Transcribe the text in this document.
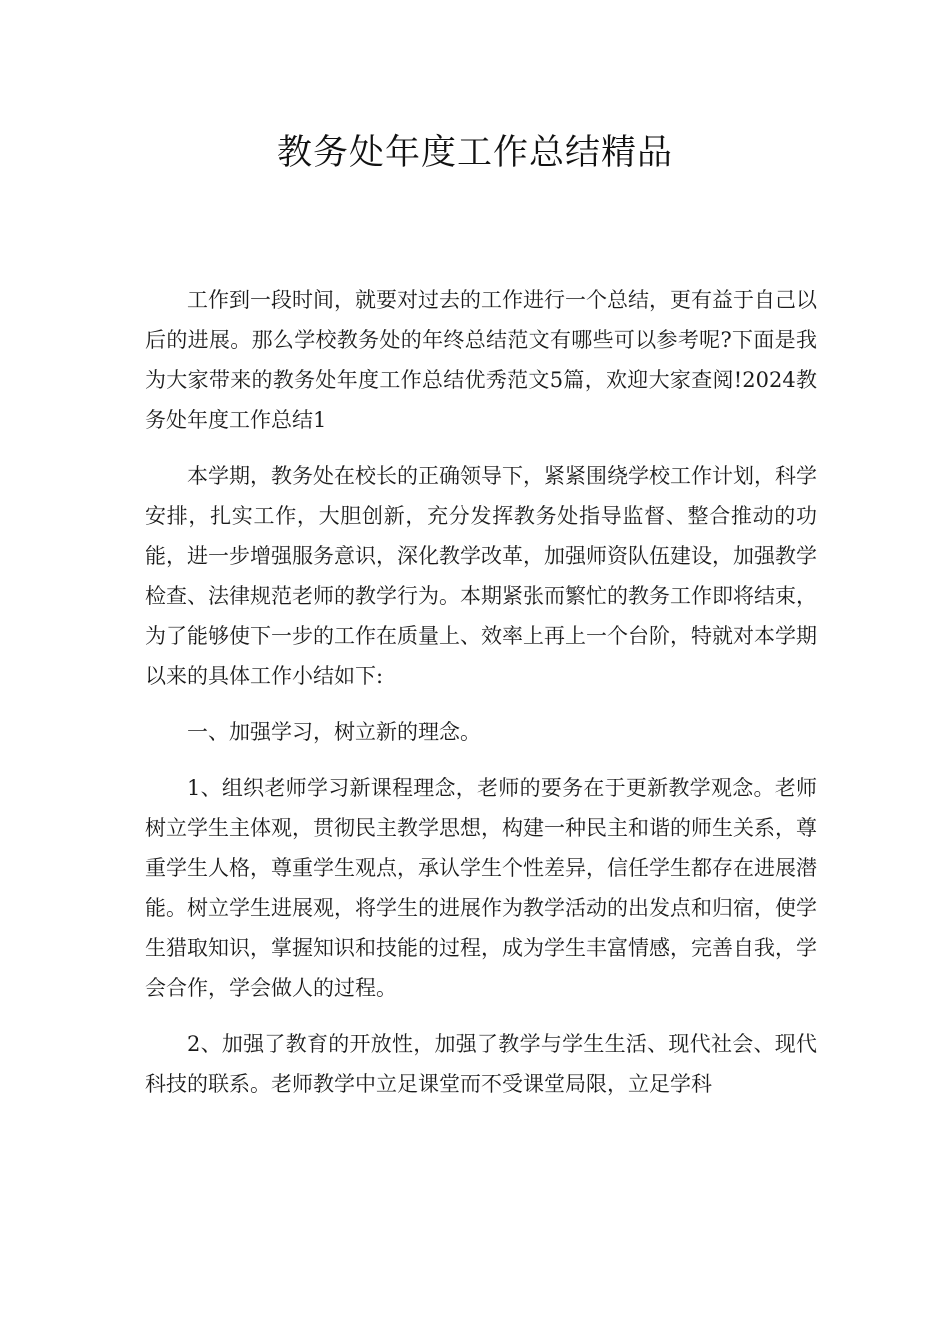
教务处年度工作总结精品

工作到一段时间，就要对过去的工作进行一个总结，更有益于自己以后的进展。那么学校教务处的年终总结范文有哪些可以参考呢?下面是我为大家带来的教务处年度工作总结优秀范文5篇，欢迎大家查阅!2024教务处年度工作总结1

本学期，教务处在校长的正确领导下，紧紧围绕学校工作计划，科学安排，扎实工作，大胆创新，充分发挥教务处指导监督、整合推动的功能，进一步增强服务意识，深化教学改革，加强师资队伍建设，加强教学检查、法律规范老师的教学行为。本期紧张而繁忙的教务工作即将结束，为了能够使下一步的工作在质量上、效率上再上一个台阶，特就对本学期以来的具体工作小结如下:

一、加强学习，树立新的理念。

1、组织老师学习新课程理念，老师的要务在于更新教学观念。老师树立学生主体观，贯彻民主教学思想，构建一种民主和谐的师生关系，尊重学生人格，尊重学生观点，承认学生个性差异，信任学生都存在进展潜能。树立学生进展观，将学生的进展作为教学活动的出发点和归宿，使学生猎取知识，掌握知识和技能的过程，成为学生丰富情感，完善自我，学会合作，学会做人的过程。

2、加强了教育的开放性，加强了教学与学生生活、现代社会、现代科技的联系。老师教学中立足课堂而不受课堂局限，立足学科
